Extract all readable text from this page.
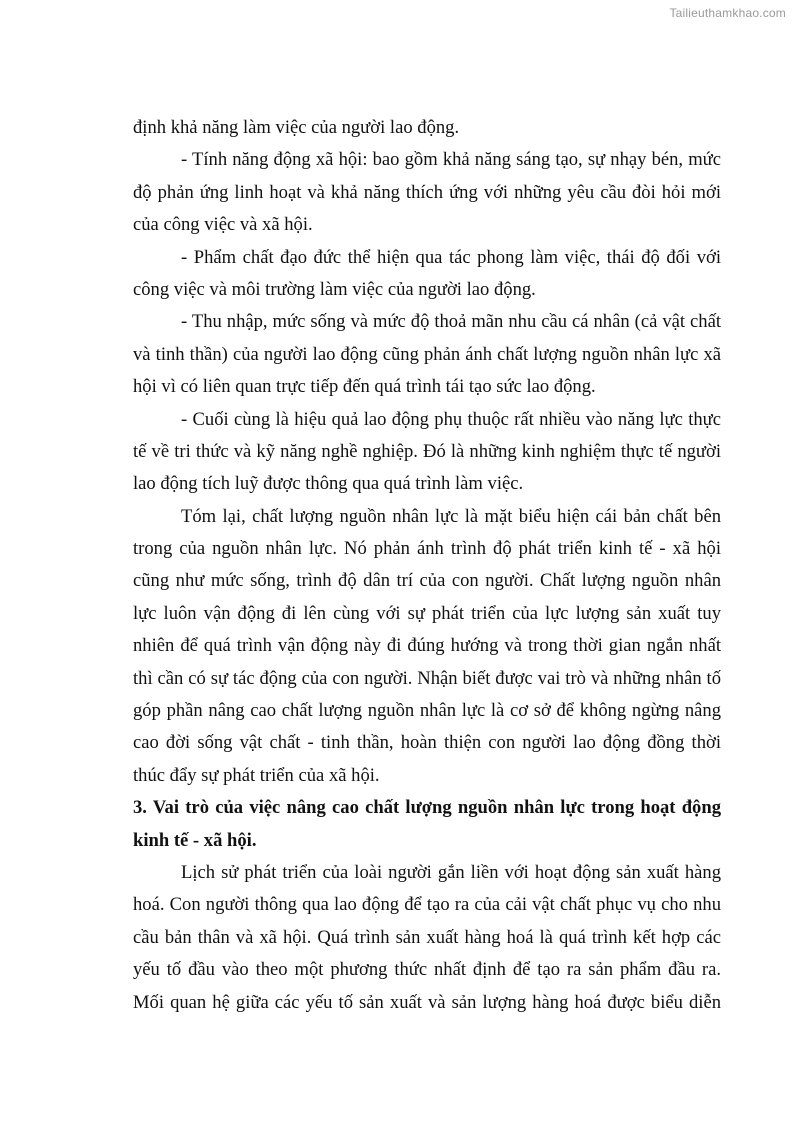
Tailieuthamkhao.com
định khả năng làm việc của người lao động.
- Tính năng động xã hội: bao gồm khả năng sáng tạo, sự nhạy bén, mức
độ phản ứng linh hoạt và khả năng thích ứng với những yêu cầu đòi hỏi mới
của công việc và xã hội.
- Phẩm chất đạo đức thể hiện qua tác phong làm việc, thái độ đối với
công việc và môi trường làm việc của người lao động.
- Thu nhập, mức sống và mức độ thoả mãn nhu cầu cá nhân (cả vật chất
và tinh thần) của người lao động cũng phản ánh chất lượng nguồn nhân lực xã
hội vì có liên quan trực tiếp đến quá trình tái tạo sức lao động.
- Cuối cùng là hiệu quả lao động phụ thuộc rất nhiều vào năng lực thực
tế về tri thức và kỹ năng nghề nghiệp. Đó là những kinh nghiệm thực tế người
lao động tích luỹ được thông qua quá trình làm việc.
Tóm lại, chất lượng nguồn nhân lực là mặt biểu hiện cái bản chất bên
trong của nguồn nhân lực. Nó phản ánh trình độ phát triển kinh tế - xã hội
cũng như mức sống, trình độ dân trí của con người. Chất lượng nguồn nhân
lực luôn vận động đi lên cùng với sự phát triển của lực lượng sản xuất tuy
nhiên để quá trình vận động này đi đúng hướng và trong thời gian ngắn nhất
thì cần có sự tác động của con người. Nhận biết được vai trò và những nhân tố
góp phần nâng cao chất lượng nguồn nhân lực là cơ sở để không ngừng nâng
cao đời sống vật chất - tinh thần, hoàn thiện con người lao động đồng thời
thúc đẩy sự phát triển của xã hội.
3. Vai trò của việc nâng cao chất lượng nguồn nhân lực trong hoạt động
kinh tế - xã hội.
Lịch sử phát triển của loài người gắn liền với hoạt động sản xuất hàng
hoá. Con người thông qua lao động để tạo ra của cải vật chất phục vụ cho nhu
cầu bản thân và xã hội. Quá trình sản xuất hàng hoá là quá trình kết hợp các
yếu tố đầu vào theo một phương thức nhất định để tạo ra sản phẩm đầu ra.
Mối quan hệ giữa các yếu tố sản xuất và sản lượng hàng hoá được biểu diễn
